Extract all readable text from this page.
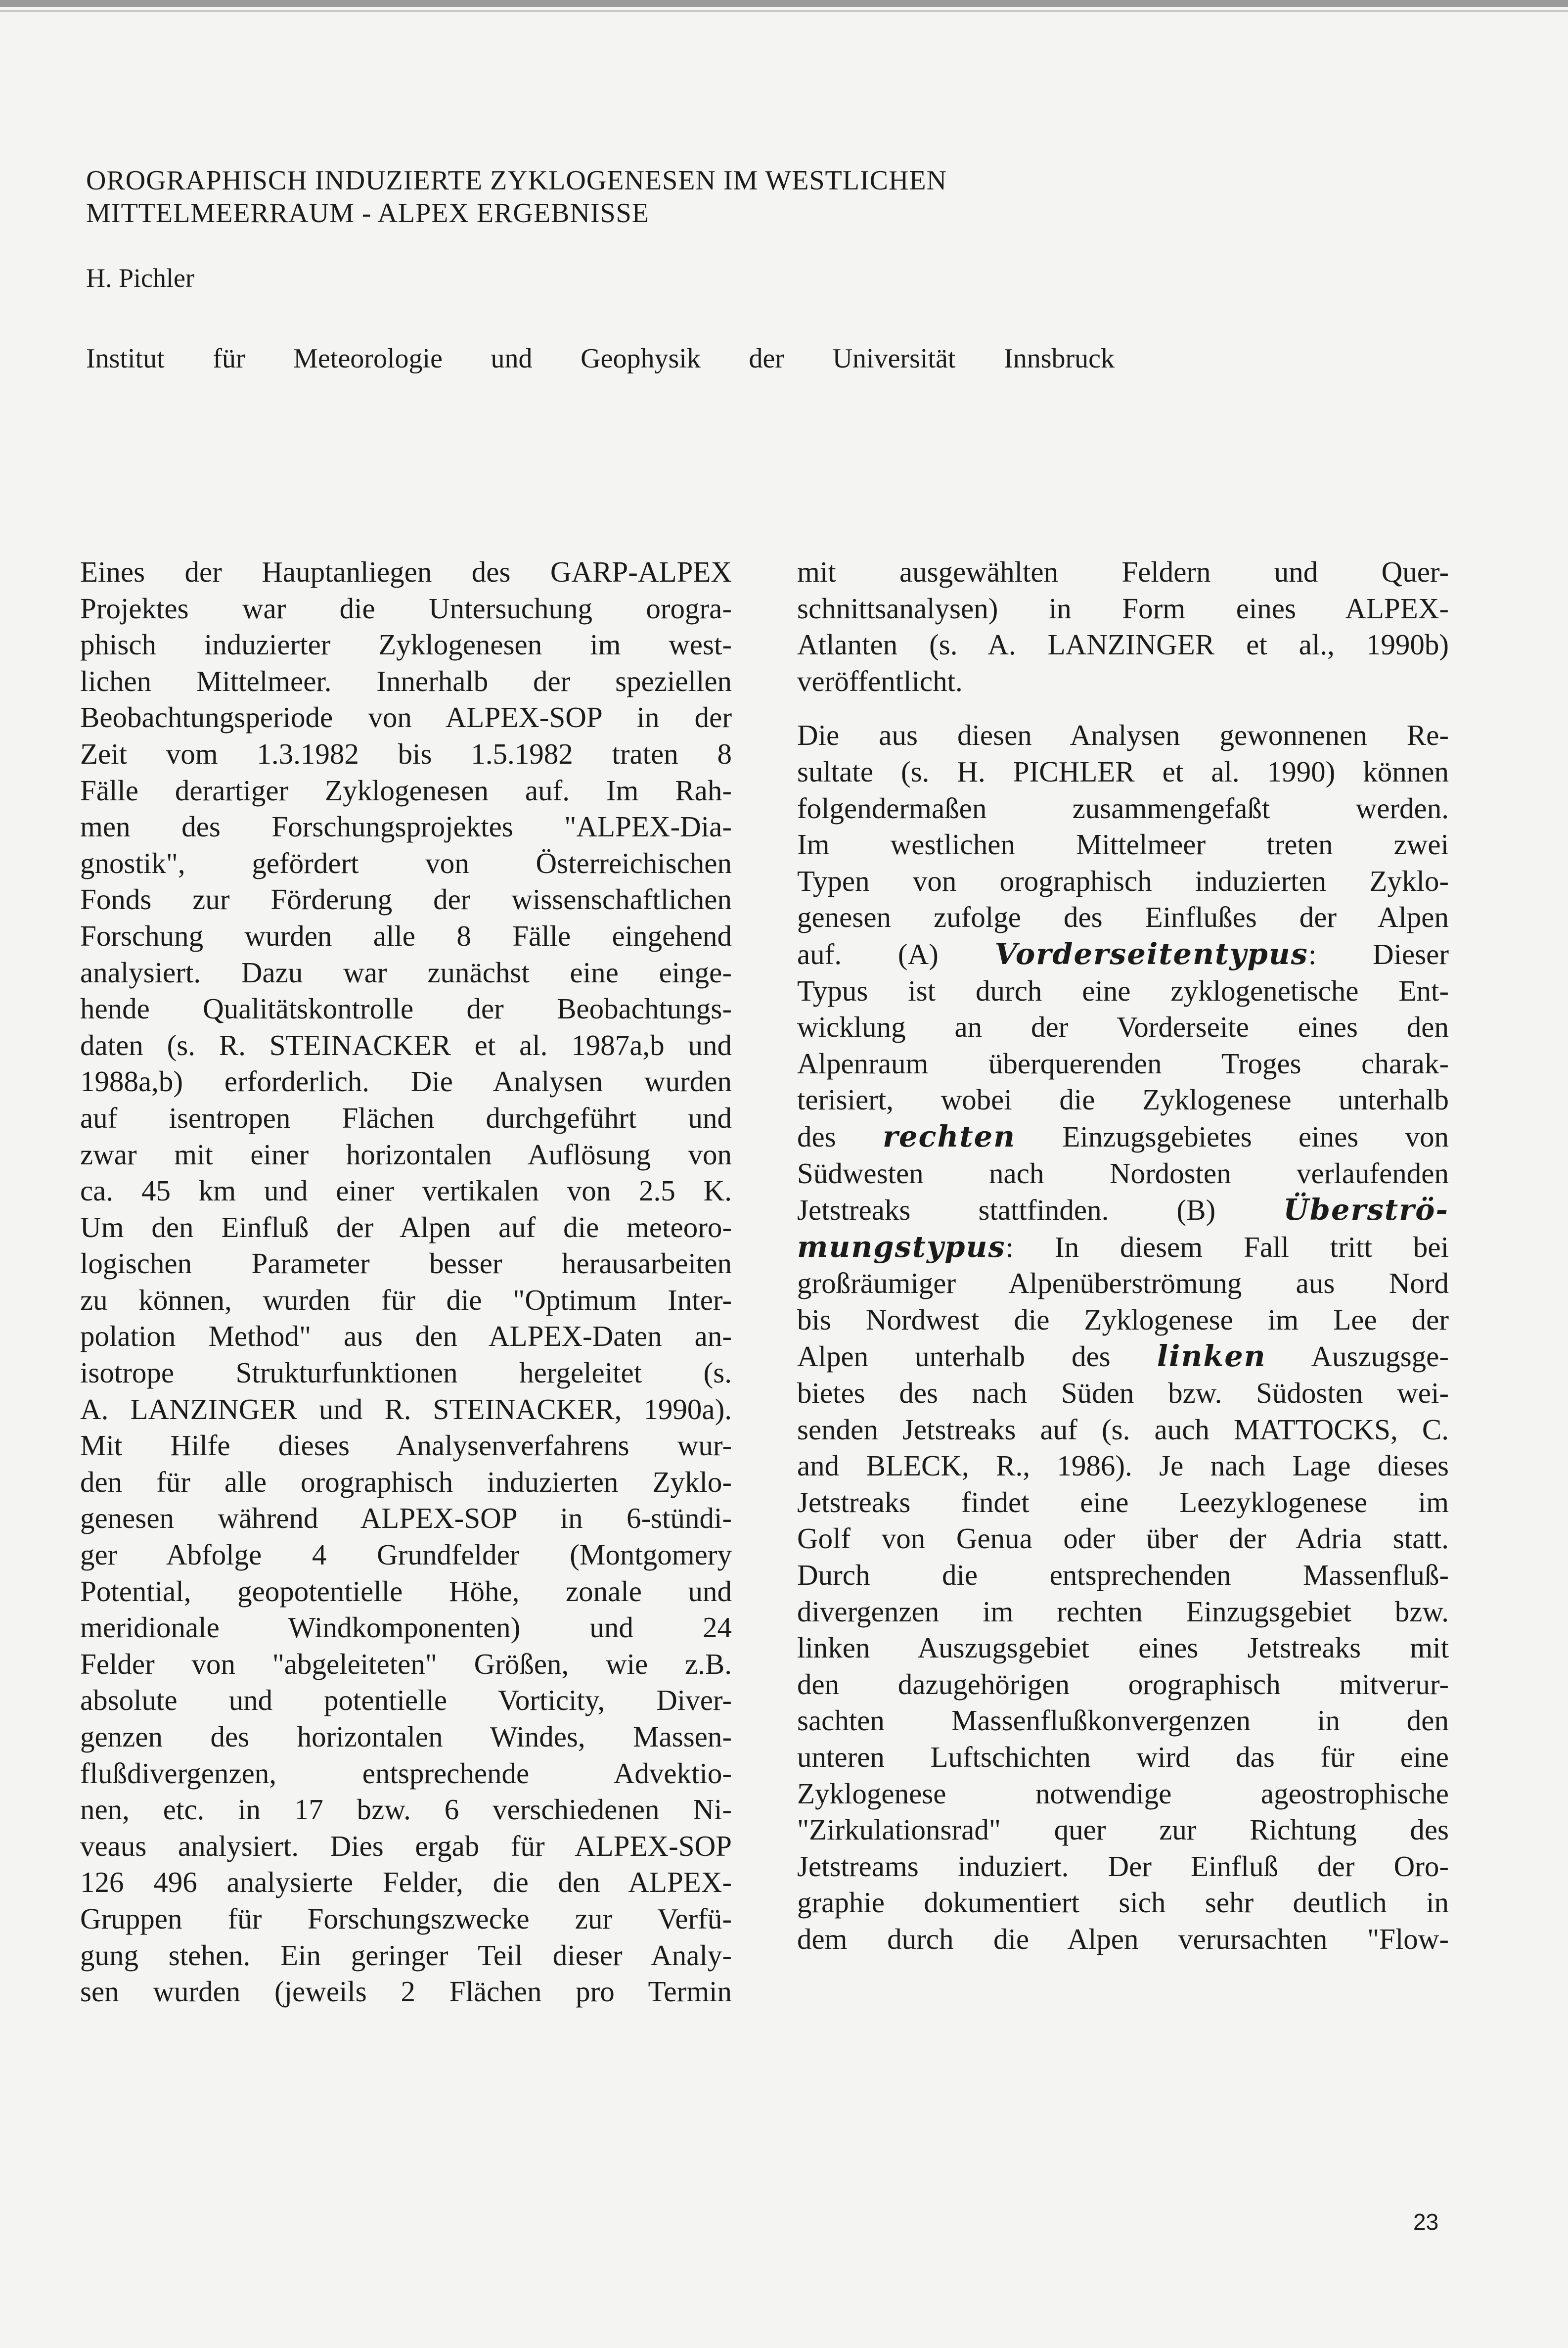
OROGRAPHISCH INDUZIERTE ZYKLOGENESEN IM WESTLICHEN
MITTELMEERRAUM - ALPEX ERGEBNISSE

H. Pichler

Institut für Meteorologie und Geophysik der Universität Innsbruck

Eines der Hauptanliegen des GARP-ALPEX

Projektes war die Untersuchung orogra-

phisch induzierter Zyklogenesen im west-

lichen Mittelmeer. Innerhalb der speziellen

Beobachtungsperiode von ALPEX-SOP in der

Zeit vom 1.3.1982 bis 1.5.1982 traten 8

Fälle derartiger Zyklogenesen auf. Im Rah-

men des Forschungsprojektes "ALPEX-Dia-

gnostik", gefördert von Österreichischen

Fonds zur Förderung der wissenschaftlichen

Forschung wurden alle 8 Fälle eingehend

analysiert. Dazu war zunächst eine einge-

hende Qualitätskontrolle der Beobachtungs-

daten (s. R. STEINACKER et al. 1987a,b und

1988a,b) erforderlich. Die Analysen wurden

auf isentropen Flächen durchgeführt und

zwar mit einer horizontalen Auflösung von

ca. 45 km und einer vertikalen von 2.5 K.

Um den Einfluß der Alpen auf die meteoro-

logischen Parameter besser herausarbeiten

zu können, wurden für die "Optimum Inter-

polation Method" aus den ALPEX-Daten an-

isotrope Strukturfunktionen hergeleitet (s.

A. LANZINGER und R. STEINACKER, 1990a).

Mit Hilfe dieses Analysenverfahrens wur-

den für alle orographisch induzierten Zyklo-

genesen während ALPEX-SOP in 6-stündi-

ger Abfolge 4 Grundfelder (Montgomery

Potential, geopotentielle Höhe, zonale und

meridionale Windkomponenten) und 24

Felder von "abgeleiteten" Größen, wie z.B.

absolute und potentielle Vorticity, Diver-

genzen des horizontalen Windes, Massen-

flußdivergenzen, entsprechende Advektio-

nen, etc. in 17 bzw. 6 verschiedenen Ni-

veaus analysiert. Dies ergab für ALPEX-SOP

126 496 analysierte Felder, die den ALPEX-

Gruppen für Forschungszwecke zur Verfü-

gung stehen. Ein geringer Teil dieser Analy-

sen wurden (jeweils 2 Flächen pro Termin

mit ausgewählten Feldern und Quer-

schnittsanalysen) in Form eines ALPEX-

Atlanten (s. A. LANZINGER et al., 1990b)

veröffentlicht.

Die aus diesen Analysen gewonnenen Re-

sultate (s. H. PICHLER et al. 1990) können

folgendermaßen zusammengefaßt werden.

Im westlichen Mittelmeer treten zwei

Typen von orographisch induzierten Zyklo-

genesen zufolge des Einflußes der Alpen

auf. (A) Vorderseitentypus: Dieser

Typus ist durch eine zyklogenetische Ent-

wicklung an der Vorderseite eines den

Alpenraum überquerenden Troges charak-

terisiert, wobei die Zyklogenese unterhalb

des rechten Einzugsgebietes eines von

Südwesten nach Nordosten verlaufenden

Jetstreaks stattfinden. (B) Überströ-

mungstypus: In diesem Fall tritt bei

großräumiger Alpenüberströmung aus Nord

bis Nordwest die Zyklogenese im Lee der

Alpen unterhalb des linken Auszugsge-

bietes des nach Süden bzw. Südosten wei-

senden Jetstreaks auf (s. auch MATTOCKS, C.

and BLECK, R., 1986). Je nach Lage dieses

Jetstreaks findet eine Leezyklogenese im

Golf von Genua oder über der Adria statt.

Durch die entsprechenden Massenfluß-

divergenzen im rechten Einzugsgebiet bzw.

linken Auszugsgebiet eines Jetstreaks mit

den dazugehörigen orographisch mitverur-

sachten Massenflußkonvergenzen in den

unteren Luftschichten wird das für eine

Zyklogenese notwendige ageostrophische

"Zirkulationsrad" quer zur Richtung des

Jetstreams induziert. Der Einfluß der Oro-

graphie dokumentiert sich sehr deutlich in

dem durch die Alpen verursachten "Flow-

23
